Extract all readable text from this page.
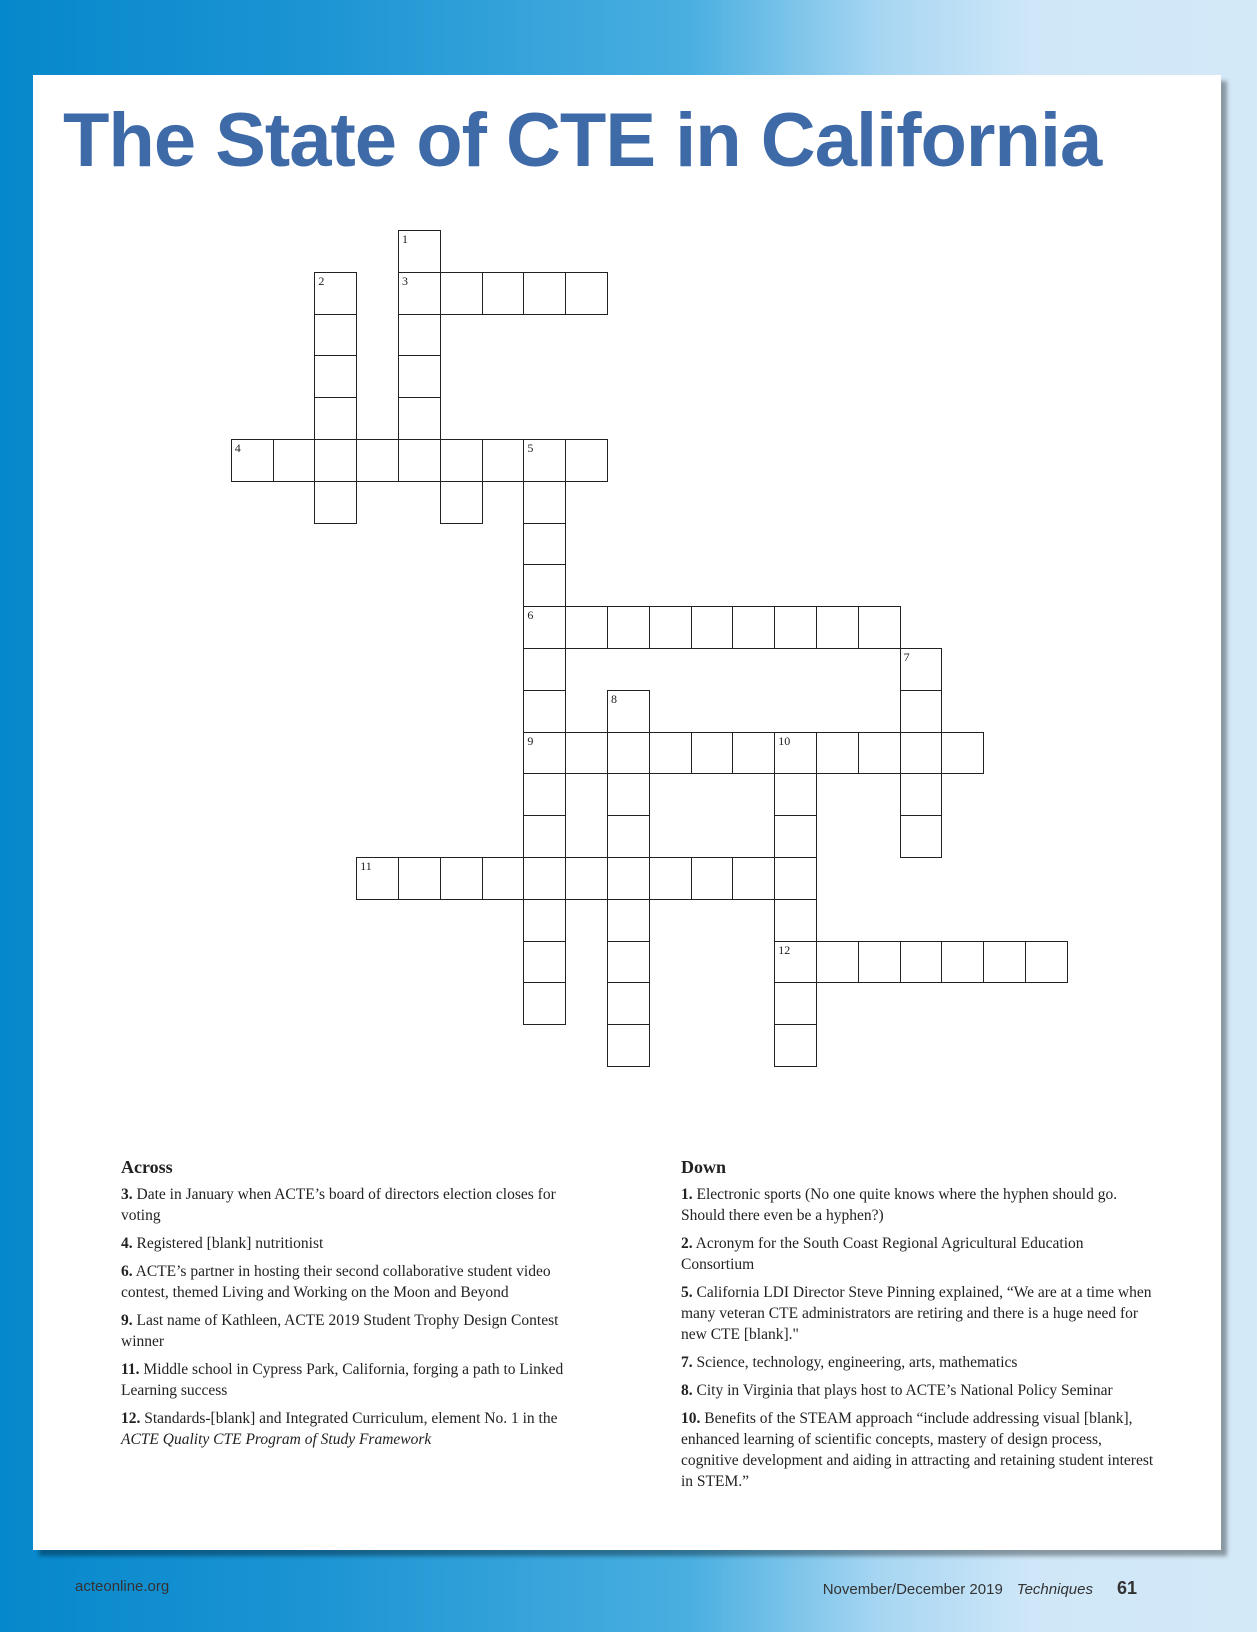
The State of CTE in California
1
2	3
4	5
6
7
8
9	10
11
12
Across

3. Date in January when ACTE’s board of directors election closes for voting

4. Registered [blank] nutritionist

6. ACTE’s partner in hosting their second collaborative student video contest, themed Living and Working on the Moon and Beyond

9. Last name of Kathleen, ACTE 2019 Student Trophy Design Contest winner

11. Middle school in Cypress Park, California, forging a path to Linked Learning success

12. Standards-[blank] and Integrated Curriculum, element No. 1 in the ACTE Quality CTE Program of Study Framework

Down

1. Electronic sports (No one quite knows where the hyphen should go. Should there even be a hyphen?)

2. Acronym for the South Coast Regional Agricultural Education Consortium

5. California LDI Director Steve Pinning explained, “We are at a time when many veteran CTE administrators are retiring and there is a huge need for new CTE [blank]."

7. Science, technology, engineering, arts, mathematics

8. City in Virginia that plays host to ACTE’s National Policy Seminar

10. Benefits of the STEAM approach “include addressing visual [blank], enhanced learning of scientific concepts, mastery of design process, cognitive development and aiding in attracting and retaining student interest in STEM.”

acteonline.org	November/December 2019 Techniques 61
